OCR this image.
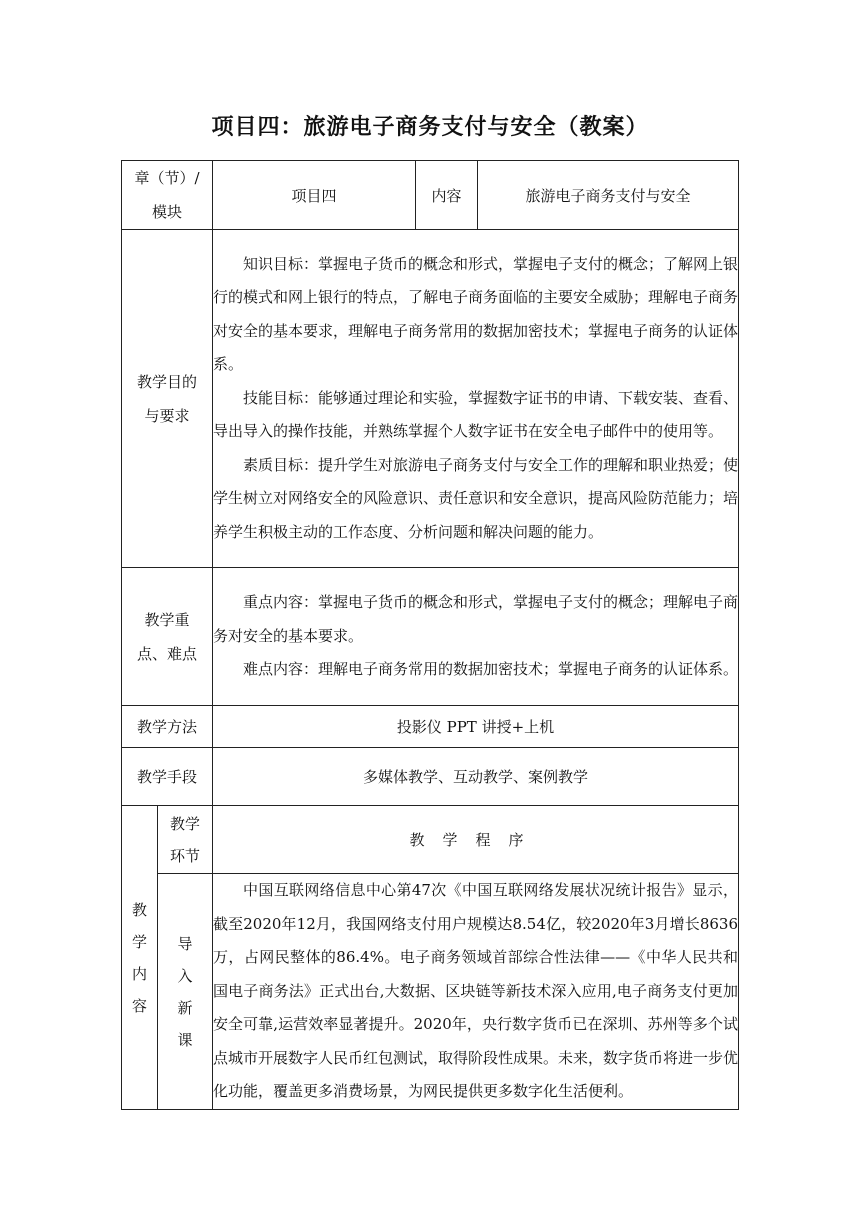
项目四：旅游电子商务支付与安全（教案）
章（节）/模块		项目四	内容	旅游电子商务支付与安全
教学目的与要求		知识目标：掌握电子货币的概念和形式，掌握电子支付的概念；了解网上银行的模式和网上银行的特点，了解电子商务面临的主要安全威胁；理解电子商务对安全的基本要求，理解电子商务常用的数据加密技术；掌握电子商务的认证体系。

技能目标：能够通过理论和实验，掌握数字证书的申请、下载安装、查看、导出导入的操作技能，并熟练掌握个人数字证书在安全电子邮件中的使用等。

素质目标：提升学生对旅游电子商务支付与安全工作的理解和职业热爱；使学生树立对网络安全的风险意识、责任意识和安全意识，提高风险防范能力；培养学生积极主动的工作态度、分析问题和解决问题的能力。		

教学重点、难点		重点内容：掌握电子货币的概念和形式，掌握电子支付的概念；理解电子商务对安全的基本要求。

难点内容：理解电子商务常用的数据加密技术；掌握电子商务的认证体系。		

教学方法		投影仪 PPT 讲授+上机		
教学手段		多媒体教学、互动教学、案例教学		
教学内容	教学环节	教学程序		
	导入新课	中国互联网络信息中心第47次《中国互联网络发展状况统计报告》显示，截至2020年12月，我国网络支付用户规模达8.54亿，较2020年3月增长8636万，占网民整体的86.4%。电子商务领域首部综合性法律——《中华人民共和国电子商务法》正式出台,大数据、区块链等新技术深入应用,电子商务支付更加安全可靠,运营效率显著提升。2020年，央行数字货币已在深圳、苏州等多个试点城市开展数字人民币红包测试，取得阶段性成果。未来，数字货币将进一步优化功能，覆盖更多消费场景，为网民提供更多数字化生活便利。		
